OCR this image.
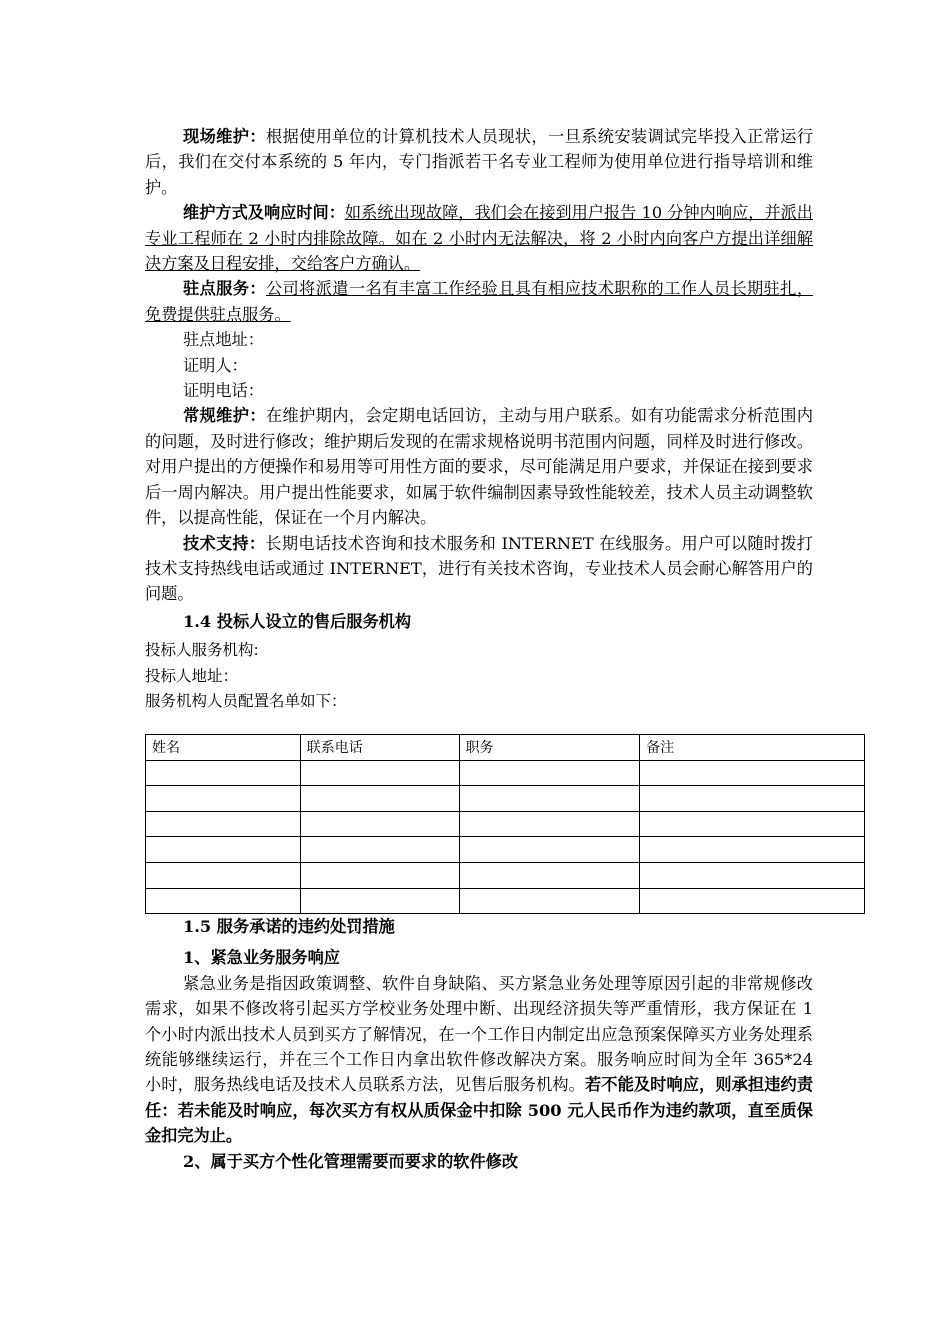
现场维护：根据使用单位的计算机技术人员现状，一旦系统安装调试完毕投入正常运行后，我们在交付本系统的 5 年内，专门指派若干名专业工程师为使用单位进行指导培训和维护。

维护方式及响应时间：如系统出现故障，我们会在接到用户报告 10 分钟内响应，并派出专业工程师在 2 小时内排除故障。如在 2 小时内无法解决，将 2 小时内向客户方提出详细解决方案及日程安排，交给客户方确认。

驻点服务：公司将派遣一名有丰富工作经验且具有相应技术职称的工作人员长期驻扎，免费提供驻点服务。

驻点地址：

证明人：

证明电话：

常规维护：在维护期内，会定期电话回访，主动与用户联系。如有功能需求分析范围内的问题，及时进行修改；维护期后发现的在需求规格说明书范围内问题，同样及时进行修改。对用户提出的方便操作和易用等可用性方面的要求，尽可能满足用户要求，并保证在接到要求后一周内解决。用户提出性能要求，如属于软件编制因素导致性能较差，技术人员主动调整软件，以提高性能，保证在一个月内解决。

技术支持：长期电话技术咨询和技术服务和 INTERNET 在线服务。用户可以随时拨打技术支持热线电话或通过 INTERNET，进行有关技术咨询，专业技术人员会耐心解答用户的问题。

1.4 投标人设立的售后服务机构

投标人服务机构:

投标人地址：

服务机构人员配置名单如下：

姓名	联系电话	职务	备注

1.5 服务承诺的违约处罚措施

1、紧急业务服务响应

紧急业务是指因政策调整、软件自身缺陷、买方紧急业务处理等原因引起的非常规修改需求，如果不修改将引起买方学校业务处理中断、出现经济损失等严重情形，我方保证在 1 个小时内派出技术人员到买方了解情况，在一个工作日内制定出应急预案保障买方业务处理系统能够继续运行，并在三个工作日内拿出软件修改解决方案。服务响应时间为全年 365*24 小时，服务热线电话及技术人员联系方法，见售后服务机构。若不能及时响应，则承担违约责任：若未能及时响应，每次买方有权从质保金中扣除 500 元人民币作为违约款项，直至质保金扣完为止。

2、属于买方个性化管理需要而要求的软件修改
